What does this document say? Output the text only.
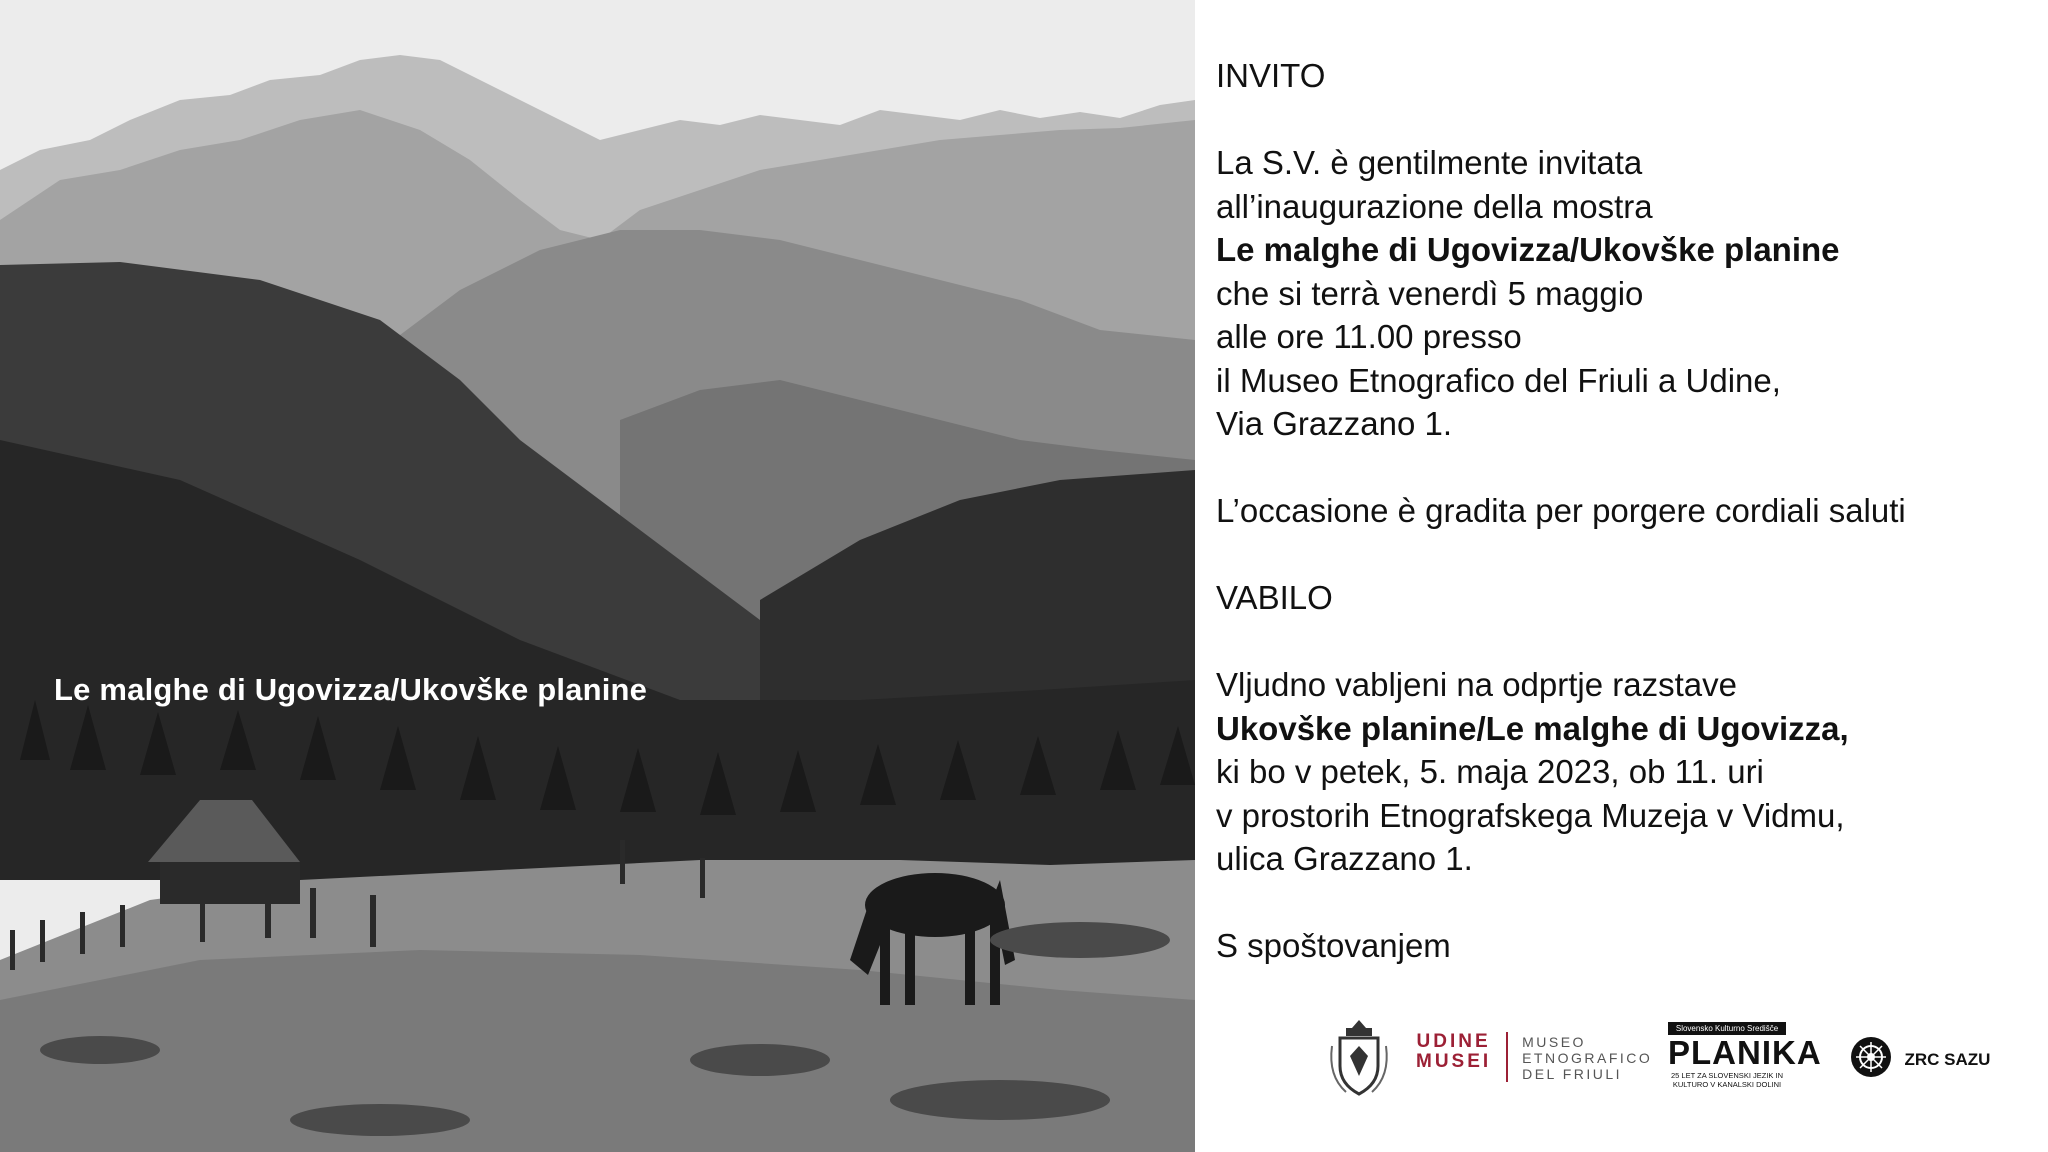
Le malghe di Ugovizza/Ukovške planine

INVITO

La S.V. è gentilmente invitata
all’inaugurazione della mostra
Le malghe di Ugovizza/Ukovške planine
che si terrà venerdì 5 maggio
alle ore 11.00 presso
il Museo Etnografico del Friuli a Udine,
Via Grazzano 1.

L’occasione è gradita per porgere cordiali saluti

VABILO

Vljudno vabljeni na odprtje razstave
Ukovške planine/Le malghe di Ugovizza,
ki bo v petek, 5. maja 2023, ob 11. uri
v prostorih Etnografskega Muzeja v Vidmu,
ulica Grazzano 1.

S spoštovanjem

UDINE
MUSEI  MUSEO
ETNOGRAFICO
DEL FRIULI
Slovensko Kulturno Središče
PLANIKA
25 LET ZA SLOVENSKI JEZIK IN
KULTURO V KANALSKI DOLINI
ZRC SAZU
